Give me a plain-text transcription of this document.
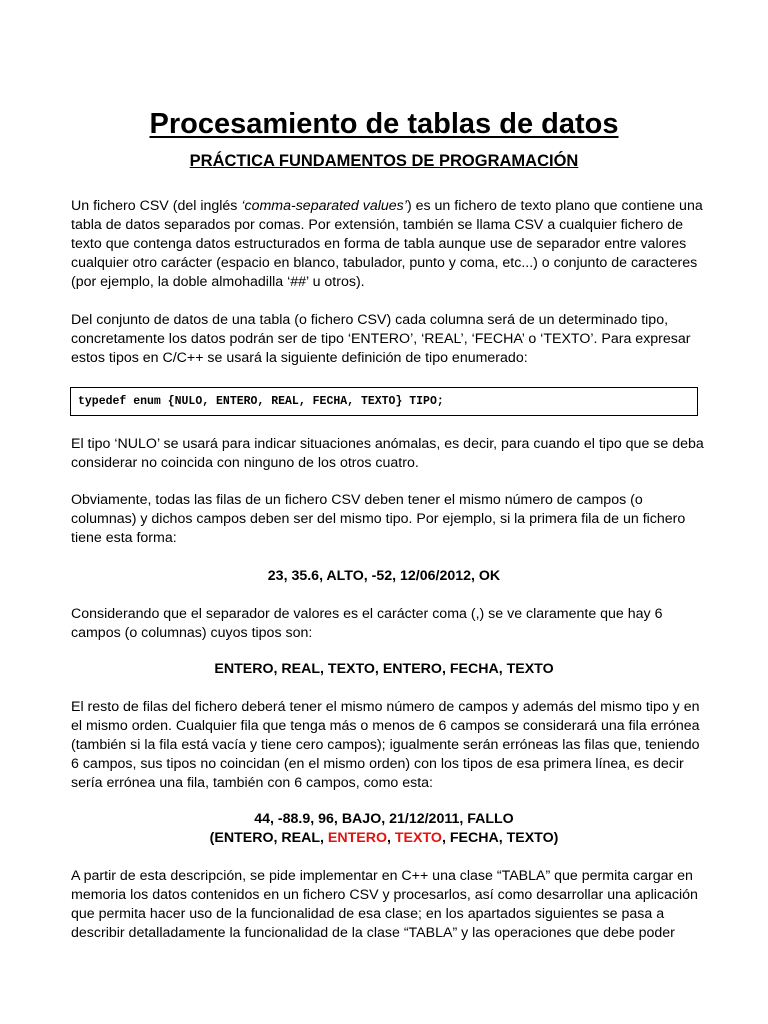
Procesamiento de tablas de datos
PRÁCTICA FUNDAMENTOS DE PROGRAMACIÓN
Un fichero CSV (del inglés ‘comma-separated values’) es un fichero de texto plano que contiene una tabla de datos separados por comas. Por extensión, también se llama CSV a cualquier fichero de texto que contenga datos estructurados en forma de tabla aunque use de separador entre valores cualquier otro carácter (espacio en blanco, tabulador, punto y coma, etc...) o conjunto de caracteres (por ejemplo, la doble almohadilla ‘##’ u otros).
Del conjunto de datos de una tabla (o fichero CSV) cada columna será de un determinado tipo, concretamente los datos podrán ser de tipo ‘ENTERO’, ‘REAL’, ‘FECHA’ o ‘TEXTO’. Para expresar estos tipos en C/C++ se usará la siguiente definición de tipo enumerado:
typedef enum {NULO, ENTERO, REAL, FECHA, TEXTO} TIPO;
El tipo ‘NULO’ se usará para indicar situaciones anómalas, es decir, para cuando el tipo que se deba considerar no coincida con ninguno de los otros cuatro.
Obviamente, todas las filas de un fichero CSV deben tener el mismo número de campos (o columnas) y dichos campos deben ser del mismo tipo. Por ejemplo, si la primera fila de un fichero tiene esta forma:
23, 35.6, ALTO, -52, 12/06/2012, OK
Considerando que el separador de valores es el carácter coma (,) se ve claramente que hay 6 campos (o columnas) cuyos tipos son:
ENTERO, REAL, TEXTO, ENTERO, FECHA, TEXTO
El resto de filas del fichero deberá tener el mismo número de campos y además del mismo tipo y en el mismo orden. Cualquier fila que tenga más o menos de 6 campos se considerará una fila errónea (también si la fila está vacía y tiene cero campos); igualmente serán erróneas las filas que, teniendo 6 campos, sus tipos no coincidan (en el mismo orden) con los tipos de esa primera línea, es decir sería errónea una fila, también con 6 campos, como esta:
44, -88.9, 96, BAJO, 21/12/2011, FALLO
(ENTERO, REAL, ENTERO, TEXTO, FECHA, TEXTO)
A partir de esta descripción, se pide implementar en C++ una clase “TABLA” que permita cargar en memoria los datos contenidos en un fichero CSV y procesarlos, así como desarrollar una aplicación que permita hacer uso de la funcionalidad de esa clase; en los apartados siguientes se pasa a describir detalladamente la funcionalidad de la clase “TABLA” y las operaciones que debe poder
